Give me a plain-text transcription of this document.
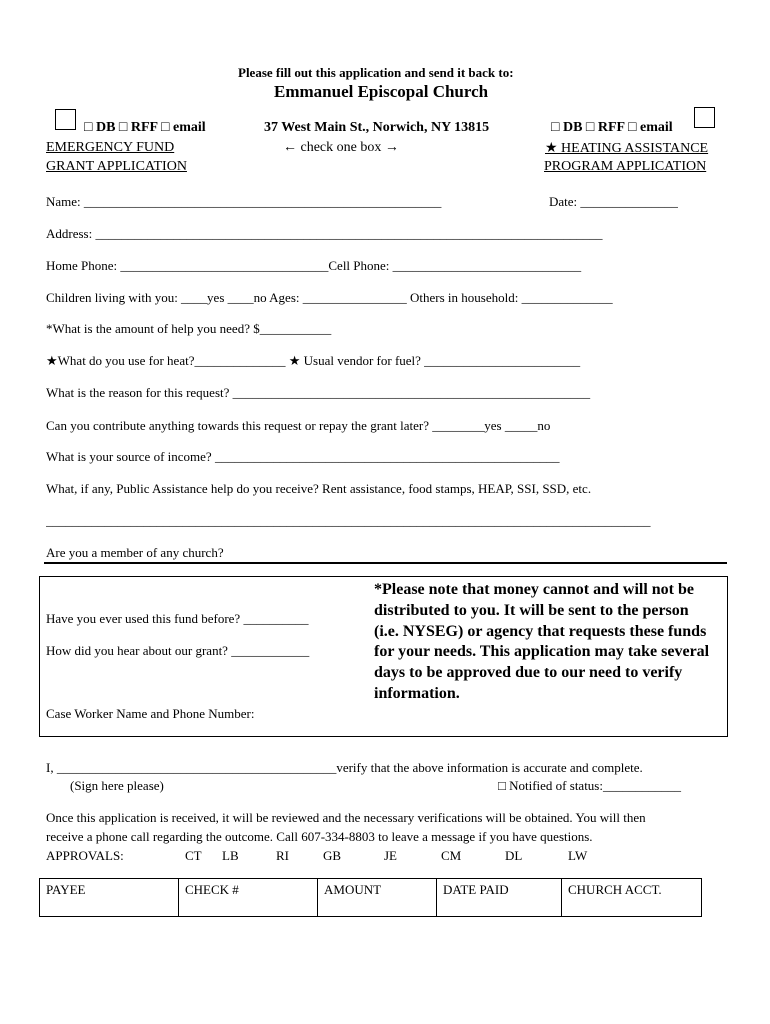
Please fill out this application and send it back to:
Emmanuel Episcopal Church
□ DB □ RFF □ email
EMERGENCY FUND
GRANT APPLICATION
37 West Main St., Norwich, NY 13815
← check one box →
□ DB □ RFF □ email
★ HEATING ASSISTANCE
PROGRAM APPLICATION
Name: _______________________________________________________	Date: _______________
Address: ______________________________________________________________________________
Home Phone: ________________________________Cell Phone: _____________________________
Children living with you: ____yes ____no Ages: ________________ Others in household: ______________
*What is the amount of help you need? $___________
★What do you use for heat?______________ ★ Usual vendor for fuel? ________________________
What is the reason for this request? _______________________________________________________
Can you contribute anything towards this request or repay the grant later? ________yes _____no
What is your source of income? _____________________________________________________
What, if any, Public Assistance help do you receive? Rent assistance, food stamps, HEAP, SSI, SSD, etc.
_____________________________________________________________________________________________
Are you a member of any church?
Have you ever used this fund before? __________
How did you hear about our grant? ____________
Case Worker Name and Phone Number:
*Please note that money cannot and will not be distributed to you. It will be sent to the person (i.e. NYSEG) or agency that requests these funds for your needs. This application may take several days to be approved due to our need to verify information.
I, ___________________________________________verify that the above information is accurate and complete.
(Sign here please)	□ Notified of status:____________
Once this application is received, it will be reviewed and the necessary verifications will be obtained. You will then
receive a phone call regarding the outcome. Call 607-334-8803 to leave a message if you have questions.
APPROVALS:	CT LB	RI	GB	JE	CM	DL	LW
PAYEE	CHECK #	AMOUNT	DATE PAID	CHURCH ACCT.
